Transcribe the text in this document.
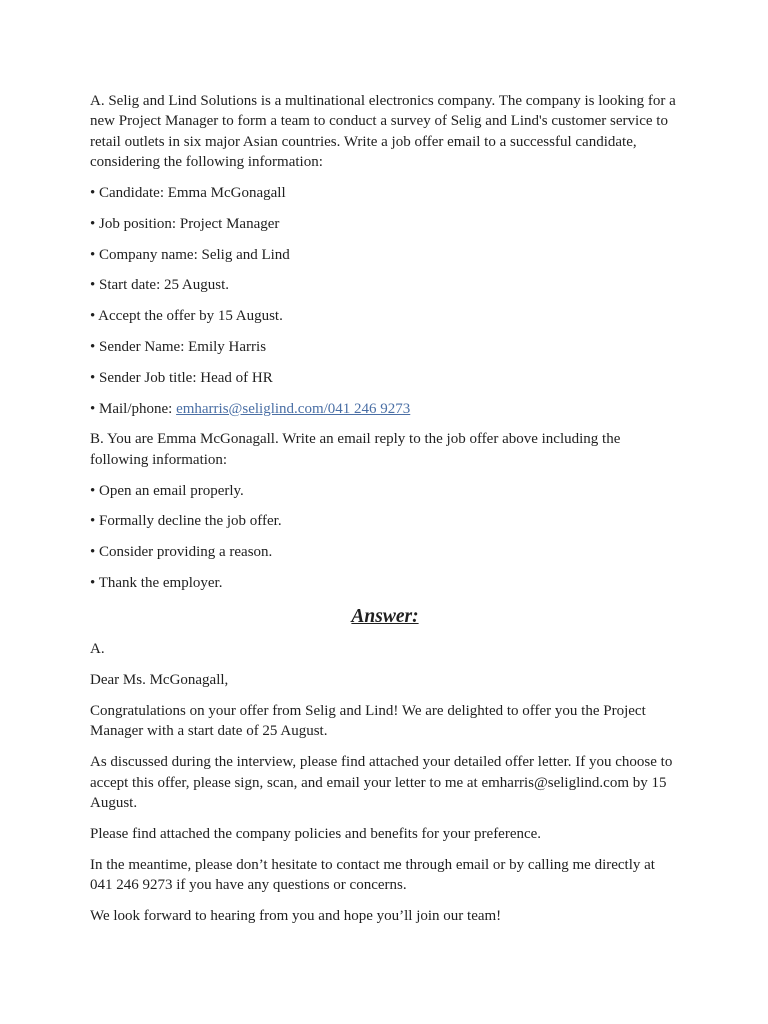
A. Selig and Lind Solutions is a multinational electronics company. The company is looking for a new Project Manager to form a team to conduct a survey of Selig and Lind's customer service to retail outlets in six major Asian countries. Write a job offer email to a successful candidate, considering the following information:

• Candidate: Emma McGonagall

• Job position: Project Manager

• Company name: Selig and Lind

• Start date: 25 August.

• Accept the offer by 15 August.

• Sender Name: Emily Harris

• Sender Job title: Head of HR

• Mail/phone: emharris@seliglind.com/041 246 9273

B. You are Emma McGonagall. Write an email reply to the job offer above including the following information:

• Open an email properly.

• Formally decline the job offer.

• Consider providing a reason.

• Thank the employer.

Answer:

A.

Dear Ms. McGonagall,

Congratulations on your offer from Selig and Lind! We are delighted to offer you the Project Manager with a start date of 25 August.

As discussed during the interview, please find attached your detailed offer letter. If you choose to accept this offer, please sign, scan, and email your letter to me at emharris@seliglind.com by 15 August.

Please find attached the company policies and benefits for your preference.

In the meantime, please don’t hesitate to contact me through email or by calling me directly at 041 246 9273 if you have any questions or concerns.

We look forward to hearing from you and hope you’ll join our team!
